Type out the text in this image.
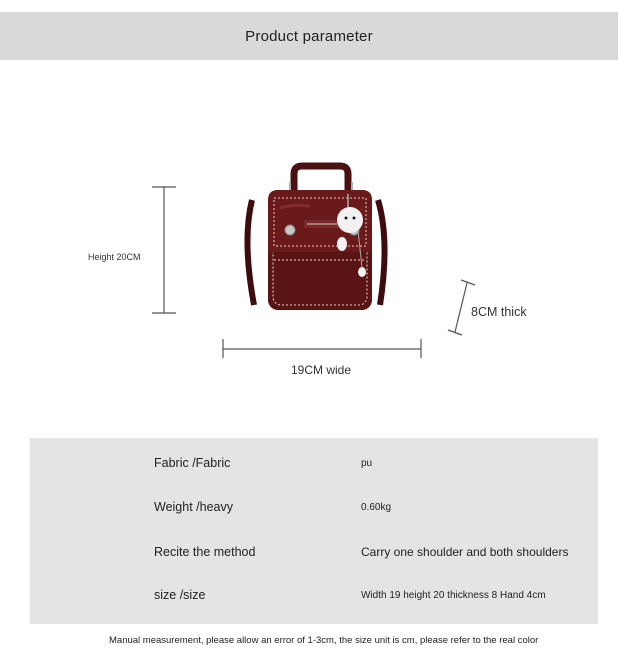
Product parameter
Height 20CM
19CM wide
8CM thick
Fabric /Fabric	pu
Weight /heavy	0.60kg
Recite the method	Carry one shoulder and both shoulders
size /size	Width 19 height 20 thickness 8 Hand 4cm
Manual measurement, please allow an error of 1-3cm, the size unit is cm, please refer to the real color
